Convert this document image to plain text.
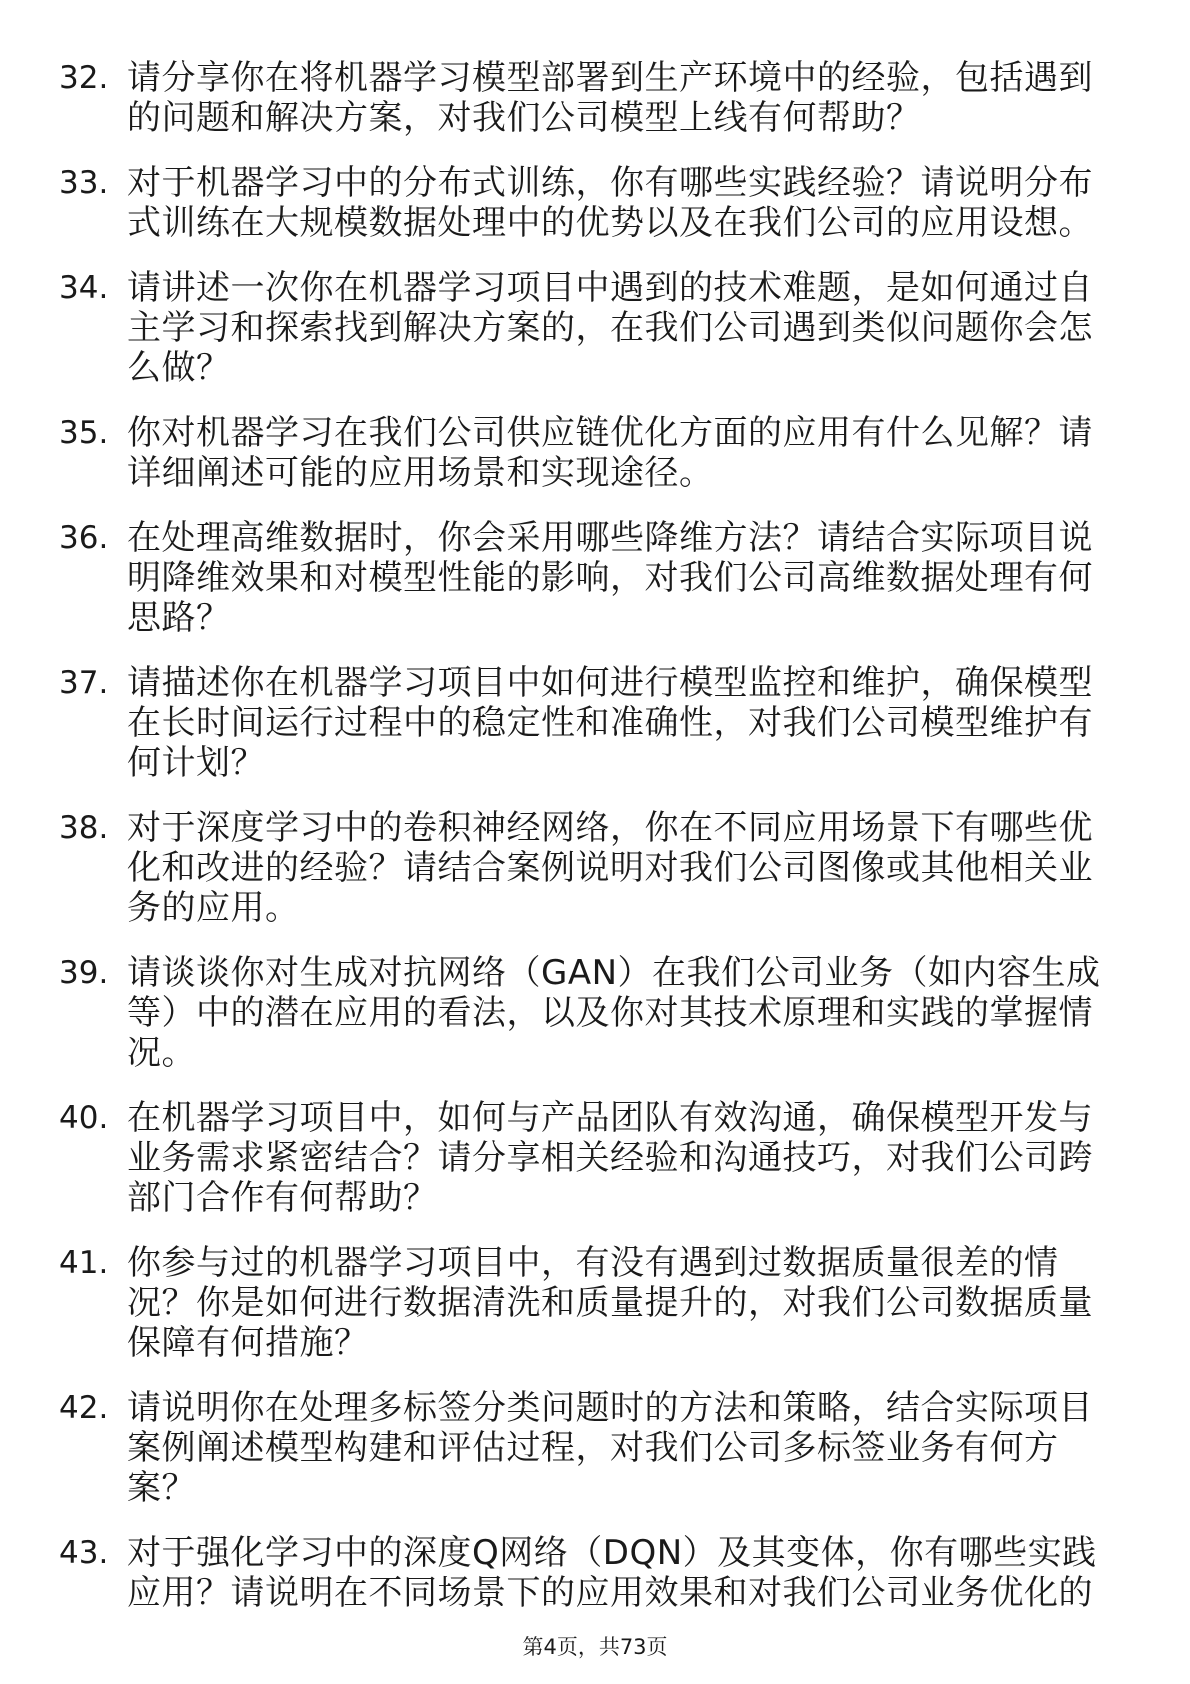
32. 请分享你在将机器学习模型部署到生产环境中的经验，包括遇到
的问题和解决方案，对我们公司模型上线有何帮助？
33. 对于机器学习中的分布式训练，你有哪些实践经验？请说明分布
式训练在大规模数据处理中的优势以及在我们公司的应用设想。
34. 请讲述一次你在机器学习项目中遇到的技术难题，是如何通过自
主学习和探索找到解决方案的，在我们公司遇到类似问题你会怎
么做？
35. 你对机器学习在我们公司供应链优化方面的应用有什么见解？请
详细阐述可能的应用场景和实现途径。
36. 在处理高维数据时，你会采用哪些降维方法？请结合实际项目说
明降维效果和对模型性能的影响，对我们公司高维数据处理有何
思路？
37. 请描述你在机器学习项目中如何进行模型监控和维护，确保模型
在长时间运行过程中的稳定性和准确性，对我们公司模型维护有
何计划？
38. 对于深度学习中的卷积神经网络，你在不同应用场景下有哪些优
化和改进的经验？请结合案例说明对我们公司图像或其他相关业
务的应用。
39. 请谈谈你对生成对抗网络（GAN）在我们公司业务（如内容生成
等）中的潜在应用的看法，以及你对其技术原理和实践的掌握情
况。
40. 在机器学习项目中，如何与产品团队有效沟通，确保模型开发与
业务需求紧密结合？请分享相关经验和沟通技巧，对我们公司跨
部门合作有何帮助？
41. 你参与过的机器学习项目中，有没有遇到过数据质量很差的情
况？你是如何进行数据清洗和质量提升的，对我们公司数据质量
保障有何措施？
42. 请说明你在处理多标签分类问题时的方法和策略，结合实际项目
案例阐述模型构建和评估过程，对我们公司多标签业务有何方
案？
43. 对于强化学习中的深度Q网络（DQN）及其变体，你有哪些实践
应用？请说明在不同场景下的应用效果和对我们公司业务优化的
第4页，共73页
